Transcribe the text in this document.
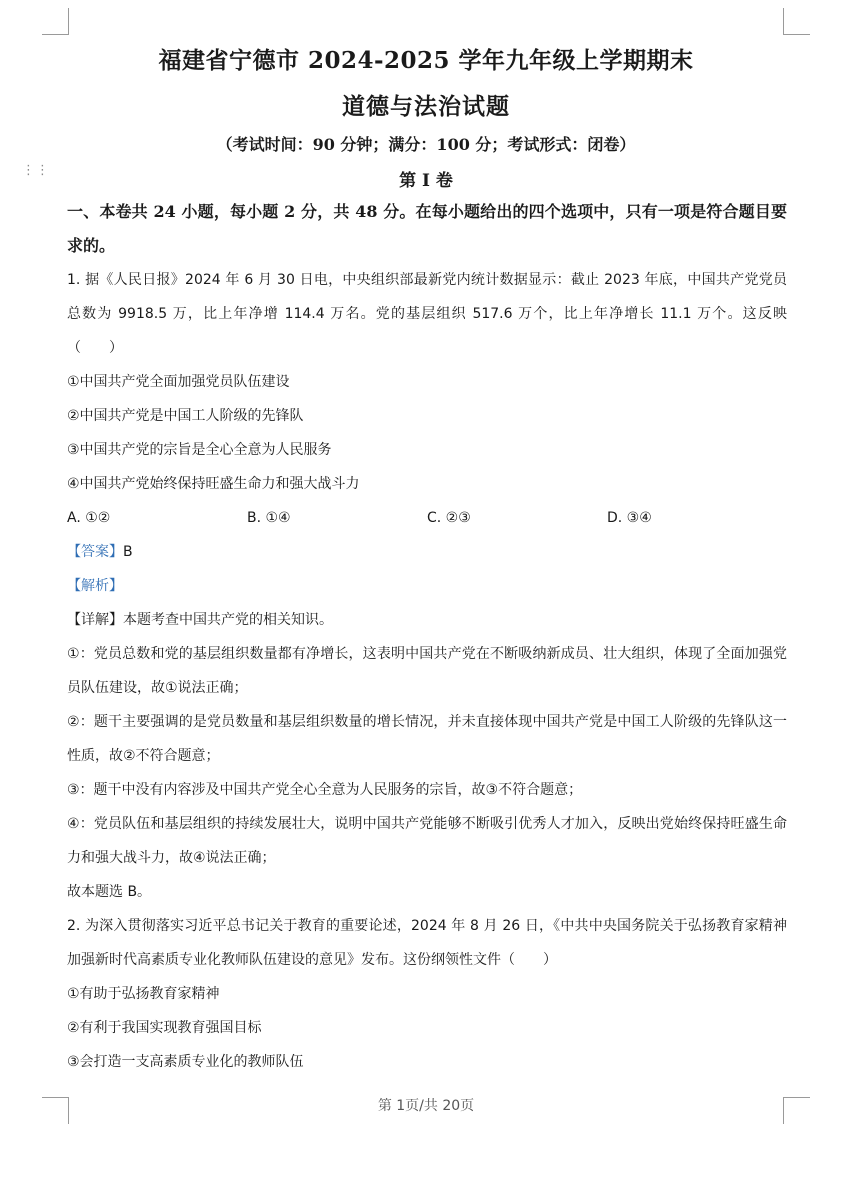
⋮⋮
福建省宁德市 2024-2025 学年九年级上学期期末
道德与法治试题
（考试时间：90 分钟；满分：100 分；考试形式：闭卷）
第 I 卷
一、本卷共 24 小题，每小题 2 分，共 48 分。在每小题给出的四个选项中，只有一项是符合题目要求的。

1. 据《人民日报》2024 年 6 月 30 日电，中央组织部最新党内统计数据显示：截止 2023 年底，中国共产党党员总数为 9918.5 万，比上年净增 114.4 万名。党的基层组织 517.6 万个，比上年净增长 11.1 万个。这反映（　　）

①中国共产党全面加强党员队伍建设

②中国共产党是中国工人阶级的先锋队

③中国共产党的宗旨是全心全意为人民服务

④中国共产党始终保持旺盛生命力和强大战斗力

A. ①②	B. ①④	C. ②③	D. ③④

【答案】B

【解析】

【详解】本题考查中国共产党的相关知识。

①：党员总数和党的基层组织数量都有净增长，这表明中国共产党在不断吸纳新成员、壮大组织，体现了全面加强党员队伍建设，故①说法正确；

②：题干主要强调的是党员数量和基层组织数量的增长情况，并未直接体现中国共产党是中国工人阶级的先锋队这一性质，故②不符合题意；

③：题干中没有内容涉及中国共产党全心全意为人民服务的宗旨，故③不符合题意；

④：党员队伍和基层组织的持续发展壮大，说明中国共产党能够不断吸引优秀人才加入，反映出党始终保持旺盛生命力和强大战斗力，故④说法正确；

故本题选 B。

2. 为深入贯彻落实习近平总书记关于教育的重要论述，2024 年 8 月 26 日，《中共中央国务院关于弘扬教育家精神加强新时代高素质专业化教师队伍建设的意见》发布。这份纲领性文件（　　）

①有助于弘扬教育家精神

②有利于我国实现教育强国目标

③会打造一支高素质专业化的教师队伍

第 1页/共 20页
